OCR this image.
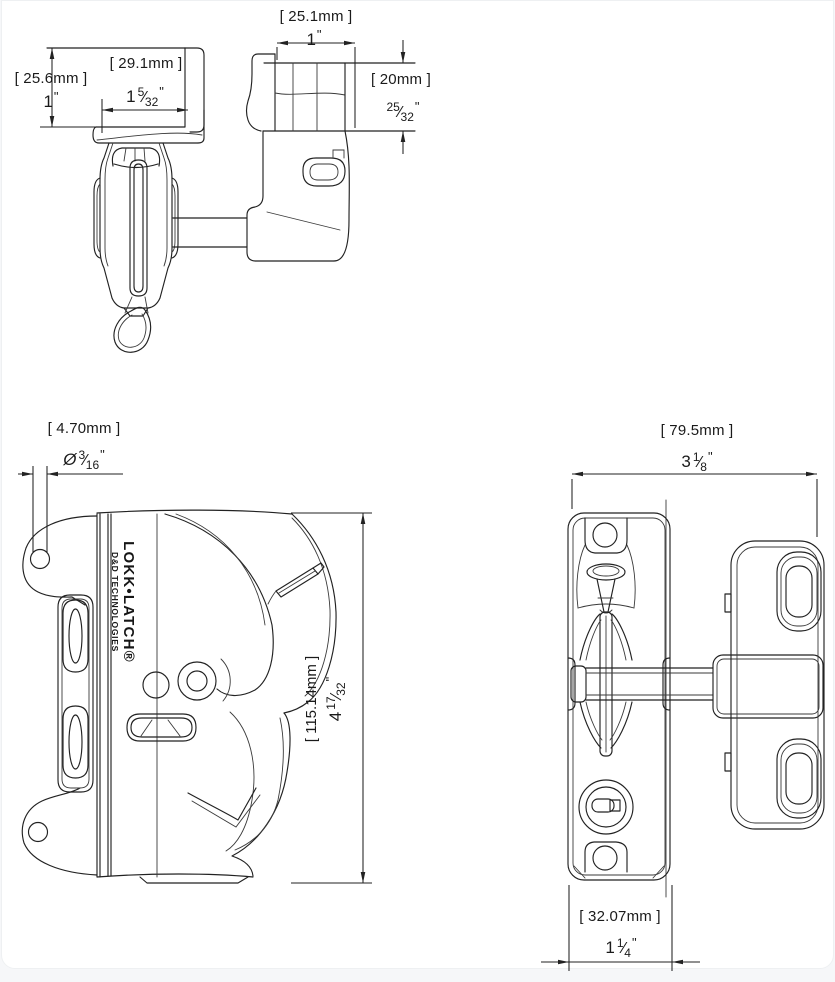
[ 25.6mm ]
1"
[ 29.1mm ]
1 $^5⁄_{32}^"$
[ 25.1mm ]
1"
[ 20mm ]
$^{25}⁄_{32}^"$
[ 4.70mm ]
Ø $^3⁄_{16}^"$
[ 115.14mm ] $4^{17}⁄_{32}^"$
[ 79.5mm ]
3 $^1⁄_8^"$
[ 32.07mm ]
1 $^1⁄_4^"$
LOKK•LATCH®
D&D TECHNOLOGIES
